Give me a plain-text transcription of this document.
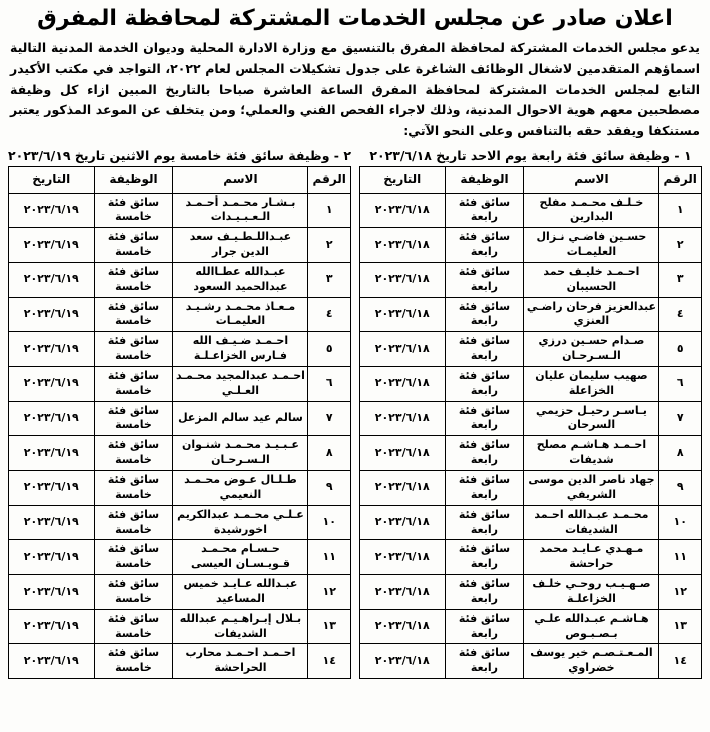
اعلان صادر عن مجلس الخدمات المشتركة لمحافظة المفرق

يدعو مجلس الخدمات المشتركة لمحافظة المفرق بالتنسيق مع وزارة الادارة المحلية وديوان الخدمة المدنية التالية اسماؤهم المتقدمين لاشغال الوظائف الشاغرة على جدول تشكيلات المجلس لعام ٢٠٢٢، التواجد في مكتب الأكيدر التابع لمجلس الخدمات المشتركة لمحافظة المفرق الساعة العاشرة صباحا بالتاريخ المبين ازاء كل وظيفة مصطحبين معهم هوية الاحوال المدنية، وذلك لاجراء الفحص الفني والعملي؛ ومن يتخلف عن الموعد المذكور يعتبر مستنكفا ويفقد حقه بالتنافس وعلى النحو الآتي:

١ - وظيفة سائق فئة رابعة يوم الاحد تاريخ ٢٠٢٣/٦/١٨
الرقم	الاسم	الوظيفة	التاريخ
١	خـلـف محـمـد مفلح البدارين	سائق فئة رابعة	٢٠٢٣/٦/١٨
٢	حسـين فاضـي نـزال العليمـات	سائق فئة رابعة	٢٠٢٣/٦/١٨
٣	احـمـد خليـف حمد الحسيبان	سائق فئة رابعة	٢٠٢٣/٦/١٨
٤	عبدالعزيز فرحان راضـي العنزي	سائق فئة رابعة	٢٠٢٣/٦/١٨
٥	صـدام حسـين درزي الـسـرحـان	سائق فئة رابعة	٢٠٢٣/٦/١٨
٦	صهيب سليمان عليان الخزاعلة	سائق فئة رابعة	٢٠٢٣/٦/١٨
٧	يـاسـر رحيـل حزيمي السرحان	سائق فئة رابعة	٢٠٢٣/٦/١٨
٨	احـمـد هـاشـم مصلح شديفات	سائق فئة رابعة	٢٠٢٣/٦/١٨
٩	جهاد ناصر الدين موسى الشريفي	سائق فئة رابعة	٢٠٢٣/٦/١٨
١٠	محـمـد عبـدالله احـمد الشديفات	سائق فئة رابعة	٢٠٢٣/٦/١٨
١١	مـهـدي عـايـد محمد حراحشة	سائق فئة رابعة	٢٠٢٣/٦/١٨
١٢	صـهـيـب روحـي خلـف الخزاعلـة	سائق فئة رابعة	٢٠٢٣/٦/١٨
١٣	هـاشـم عبـدالله علـي بـصـبـوص	سائق فئة رابعة	٢٠٢٣/٦/١٨
١٤	المـعـتـصـم خير يوسف خضراوي	سائق فئة رابعة	٢٠٢٣/٦/١٨
٢ - وظيفة سائق فئة خامسة يوم الاثنين تاريخ ٢٠٢٣/٦/١٩
الرقم	الاسم	الوظيفة	التاريخ
١	بـشـار محـمـد أحـمـد الـعـبـيـدات	سائق فئة خامسة	٢٠٢٣/٦/١٩
٢	عبـداللـطـيـف سعد الدين جرار	سائق فئة خامسة	٢٠٢٣/٦/١٩
٣	عبـدالله عطـاالله عبدالحميد السعود	سائق فئة خامسة	٢٠٢٣/٦/١٩
٤	مـعـاذ محـمـد رشـيـد العليمـات	سائق فئة خامسة	٢٠٢٣/٦/١٩
٥	احـمـد ضـيـف الله فـارس الخزاعـلـة	سائق فئة خامسة	٢٠٢٣/٦/١٩
٦	احـمـد عبدالمجيد محـمـد العـلـي	سائق فئة خامسة	٢٠٢٣/٦/١٩
٧	سالم عيد سالم المزعل	سائق فئة خامسة	٢٠٢٣/٦/١٩
٨	عـبـيـد محـمـد شنـوان الـسـرحـان	سائق فئة خامسة	٢٠٢٣/٦/١٩
٩	طـلـال عـوض محـمـد النعيمي	سائق فئة خامسة	٢٠٢٣/٦/١٩
١٠	عـلـي محـمـد عبدالكريم اخورشيدة	سائق فئة خامسة	٢٠٢٣/٦/١٩
١١	حـسـام محـمـد قـويـسـان العيسى	سائق فئة خامسة	٢٠٢٣/٦/١٩
١٢	عبـدالله عـايـد خميس المساعيد	سائق فئة خامسة	٢٠٢٣/٦/١٩
١٣	بـلال إبـراهـيـم عبدالله الشديفات	سائق فئة خامسة	٢٠٢٣/٦/١٩
١٤	احـمـد احـمـد محارب الحراحشة	سائق فئة خامسة	٢٠٢٣/٦/١٩
